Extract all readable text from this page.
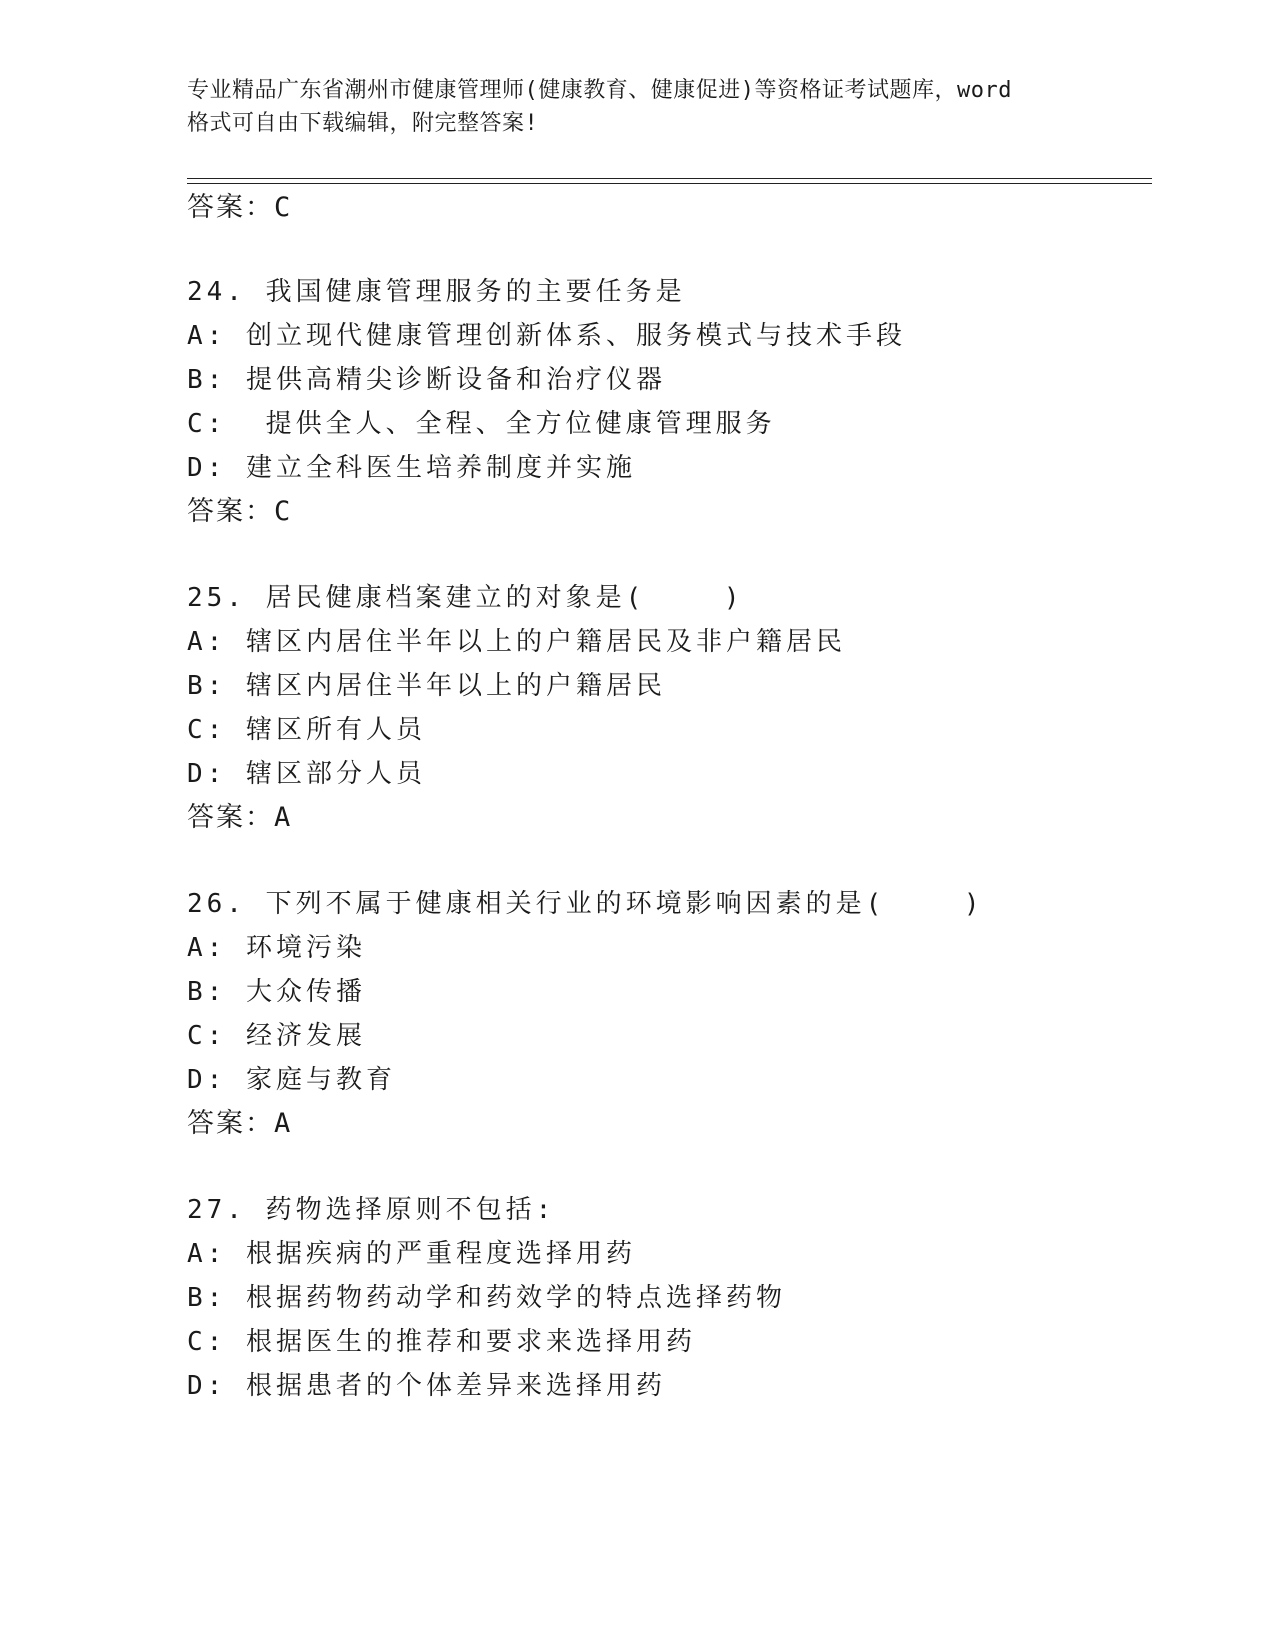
专业精品广东省潮州市健康管理师(健康教育、健康促进)等资格证考试题库，word
格式可自由下载编辑，附完整答案!
答案：C
24. 我国健康管理服务的主要任务是
A: 创立现代健康管理创新体系、服务模式与技术手段
B: 提供高精尖诊断设备和治疗仪器
C:  提供全人、全程、全方位健康管理服务
D: 建立全科医生培养制度并实施
答案：C
25. 居民健康档案建立的对象是(    )
A: 辖区内居住半年以上的户籍居民及非户籍居民
B: 辖区内居住半年以上的户籍居民
C: 辖区所有人员
D: 辖区部分人员
答案：A
26. 下列不属于健康相关行业的环境影响因素的是(    )
A: 环境污染
B: 大众传播
C: 经济发展
D: 家庭与教育
答案：A
27. 药物选择原则不包括:
A: 根据疾病的严重程度选择用药
B: 根据药物药动学和药效学的特点选择药物
C: 根据医生的推荐和要求来选择用药
D: 根据患者的个体差异来选择用药
